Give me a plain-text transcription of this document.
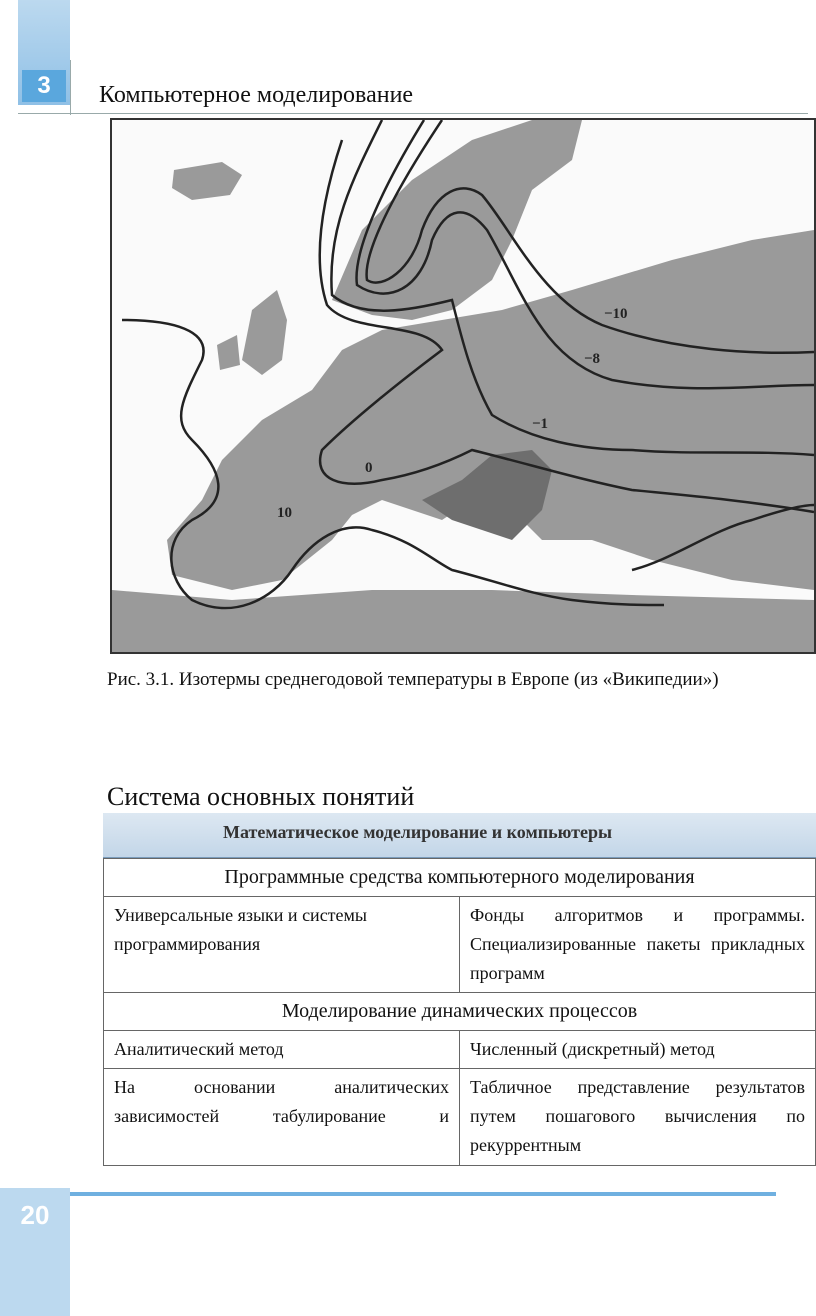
3	Компьютерное моделирование
−10
−8
−1
0
10
Рис. 3.1. Изотермы среднегодовой температуры в Европе (из «Википедии»)
Система основных понятий
Математическое моделирование и компьютеры
Программные средства компьютерного моделирования	
Универсальные языки и системы программирования	Фонды алгоритмов и программы. Специализированные пакеты прикладных программ
Моделирование динамических процессов	
Аналитический метод	Численный (дискретный) метод
На основании аналитических зависимостей табулирование и	Табличное представление результатов путем пошагового вычисления по рекуррентным
20
